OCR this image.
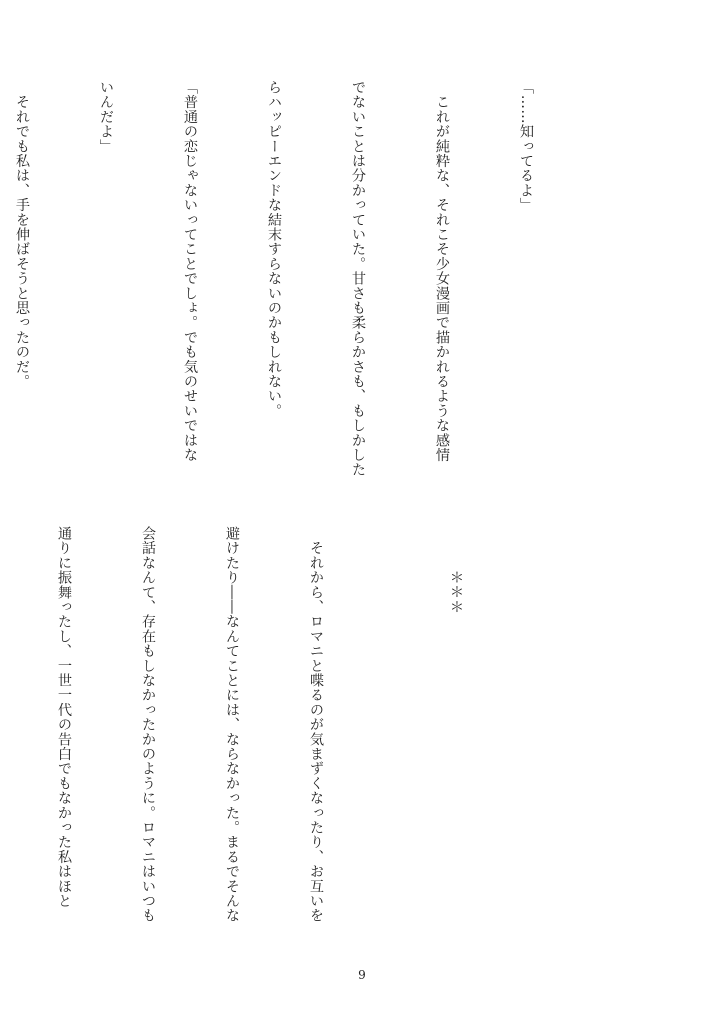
「……知ってるよ」

　これが純粋な、それこそ少女漫画で描かれるような感情

でないことは分かっていた。甘さも柔らかさも、もしかした

らハッピーエンドな結末すらないのかもしれない。

「普通の恋じゃないってことでしょ。でも気のせいではな

いんだよ」

　それでも私は、手を伸ばそうと思ったのだ。

　　　＊＊＊

　それから、ロマニと喋るのが気まずくなったり、お互いを

避けたり――なんてことには、ならなかった。まるでそんな

会話なんて、存在もしなかったかのように。ロマニはいつも

通りに振舞ったし、一世一代の告白でもなかった私はほと

9
